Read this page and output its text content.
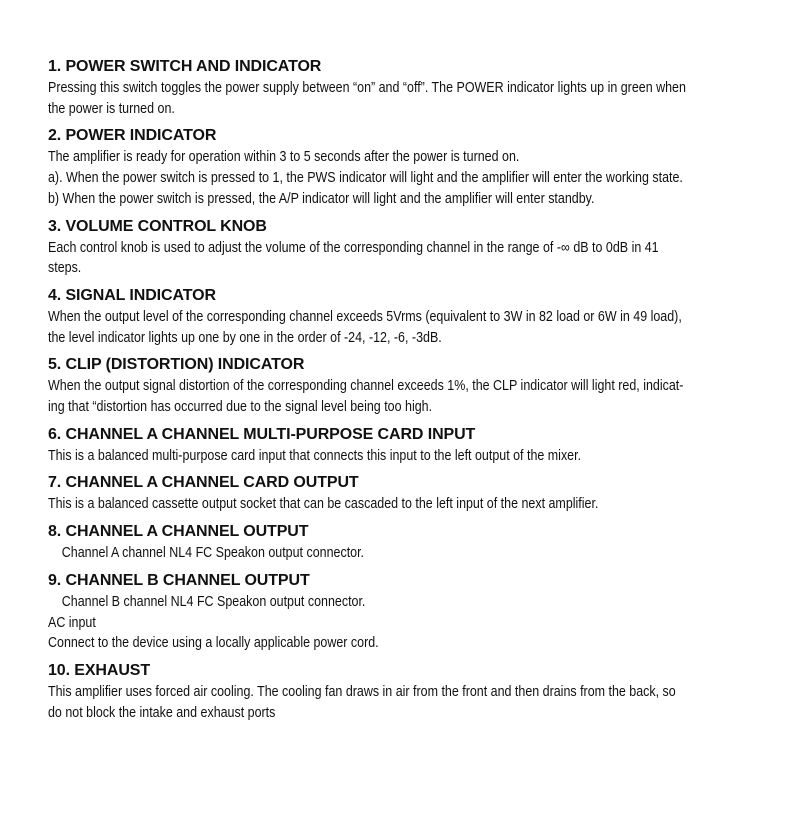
1. POWER SWITCH AND INDICATOR
Pressing this switch toggles the power supply between “on” and “off”. The POWER indicator lights up in green when
the power is turned on.
2. POWER INDICATOR
The amplifier is ready for operation within 3 to 5 seconds after the power is turned on.
a). When the power switch is pressed to 1, the PWS indicator will light and the amplifier will enter the working state.
b) When the power switch is pressed, the A/P indicator will light and the amplifier will enter standby.
3. VOLUME CONTROL KNOB
Each control knob is used to adjust the volume of the corresponding channel in the range of -∞ dB to 0dB in 41
steps.
4. SIGNAL INDICATOR
When the output level of the corresponding channel exceeds 5Vrms (equivalent to 3W in 82 load or 6W in 49 load),
the level indicator lights up one by one in the order of -24, -12, -6, -3dB.
5. CLIP (DISTORTION) INDICATOR
When the output signal distortion of the corresponding channel exceeds 1%, the CLP indicator will light red, indicat-
ing that “distortion has occurred due to the signal level being too high.
6. CHANNEL A CHANNEL MULTI-PURPOSE CARD INPUT
This is a balanced multi-purpose card input that connects this input to the left output of the mixer.
7. CHANNEL A CHANNEL CARD OUTPUT
This is a balanced cassette output socket that can be cascaded to the left input of the next amplifier.
8. CHANNEL A CHANNEL OUTPUT
Channel A channel NL4 FC Speakon output connector.
9. CHANNEL B CHANNEL OUTPUT
Channel B channel NL4 FC Speakon output connector.
AC input
Connect to the device using a locally applicable power cord.
10. EXHAUST
This amplifier uses forced air cooling. The cooling fan draws in air from the front and then drains from the back, so
do not block the intake and exhaust ports
